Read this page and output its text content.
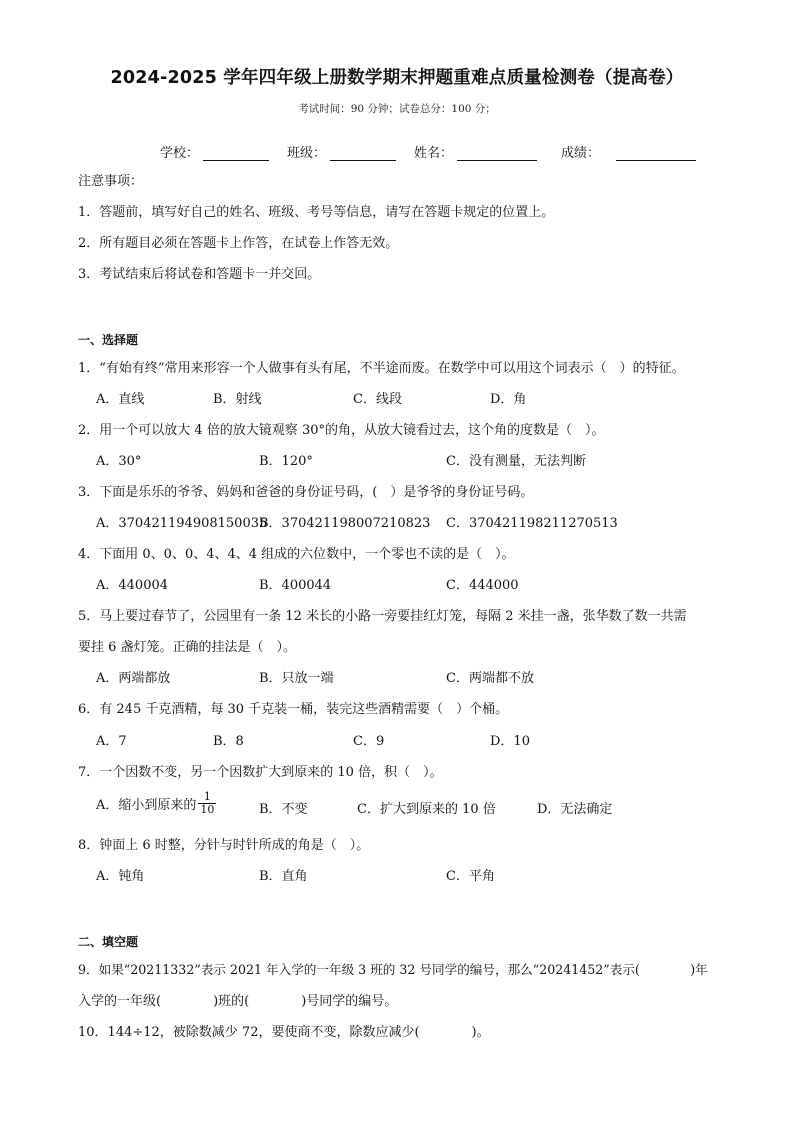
2024-2025 学年四年级上册数学期末押题重难点质量检测卷（提高卷）
考试时间：90 分钟；试卷总分：100 分；
学校：	班级：	姓名：	成绩：
注意事项：
1．答题前，填写好自己的姓名、班级、考号等信息，请写在答题卡规定的位置上。
2．所有题目必须在答题卡上作答，在试卷上作答无效。
3．考试结束后将试卷和答题卡一并交回。
一、选择题
1．“有始有终”常用来形容一个人做事有头有尾，不半途而废。在数学中可以用这个词表示（　）的特征。
A．直线	B．射线	C．线段	D．角
2．用一个可以放大 4 倍的放大镜观察 30°的角，从放大镜看过去，这个角的度数是（　）。
A．30°	B．120°	C．没有测量，无法判断
3．下面是乐乐的爷爷、妈妈和爸爸的身份证号码，(　）是爷爷的身份证号码。
A．370421194908150035
B．370421198007210823 C．370421198211270513
4．下面用 0、0、0、4、4、4 组成的六位数中，一个零也不读的是（　）。
A．440004	B．400044	C．444000
5．马上要过春节了，公园里有一条 12 米长的小路一旁要挂红灯笼，每隔 2 米挂一盏，张华数了数一共需
要挂 6 盏灯笼。正确的挂法是（　）。
A．两端都放	B．只放一端	C．两端都不放
6．有 245 千克酒精，每 30 千克装一桶，装完这些酒精需要（　）个桶。
A．7	B．8	C．9	D．10
7．一个因数不变，另一个因数扩大到原来的 10 倍，积（　）。
A．缩小到原来的 $\frac{1}{10}$	B．不变	C．扩大到原来的 10 倍	D．无法确定
8．钟面上 6 时整，分针与时针所成的角是（　）。
A．钝角	B．直角	C．平角
二、填空题
9．如果“20211332”表示 2021 年入学的一年级 3 班的 32 号同学的编号，那么“20241452”表示(　　　　)年
入学的一年级(　　　　)班的(　　　　)号同学的编号。
10．144÷12，被除数减少 72，要使商不变，除数应减少(　　　　)。
